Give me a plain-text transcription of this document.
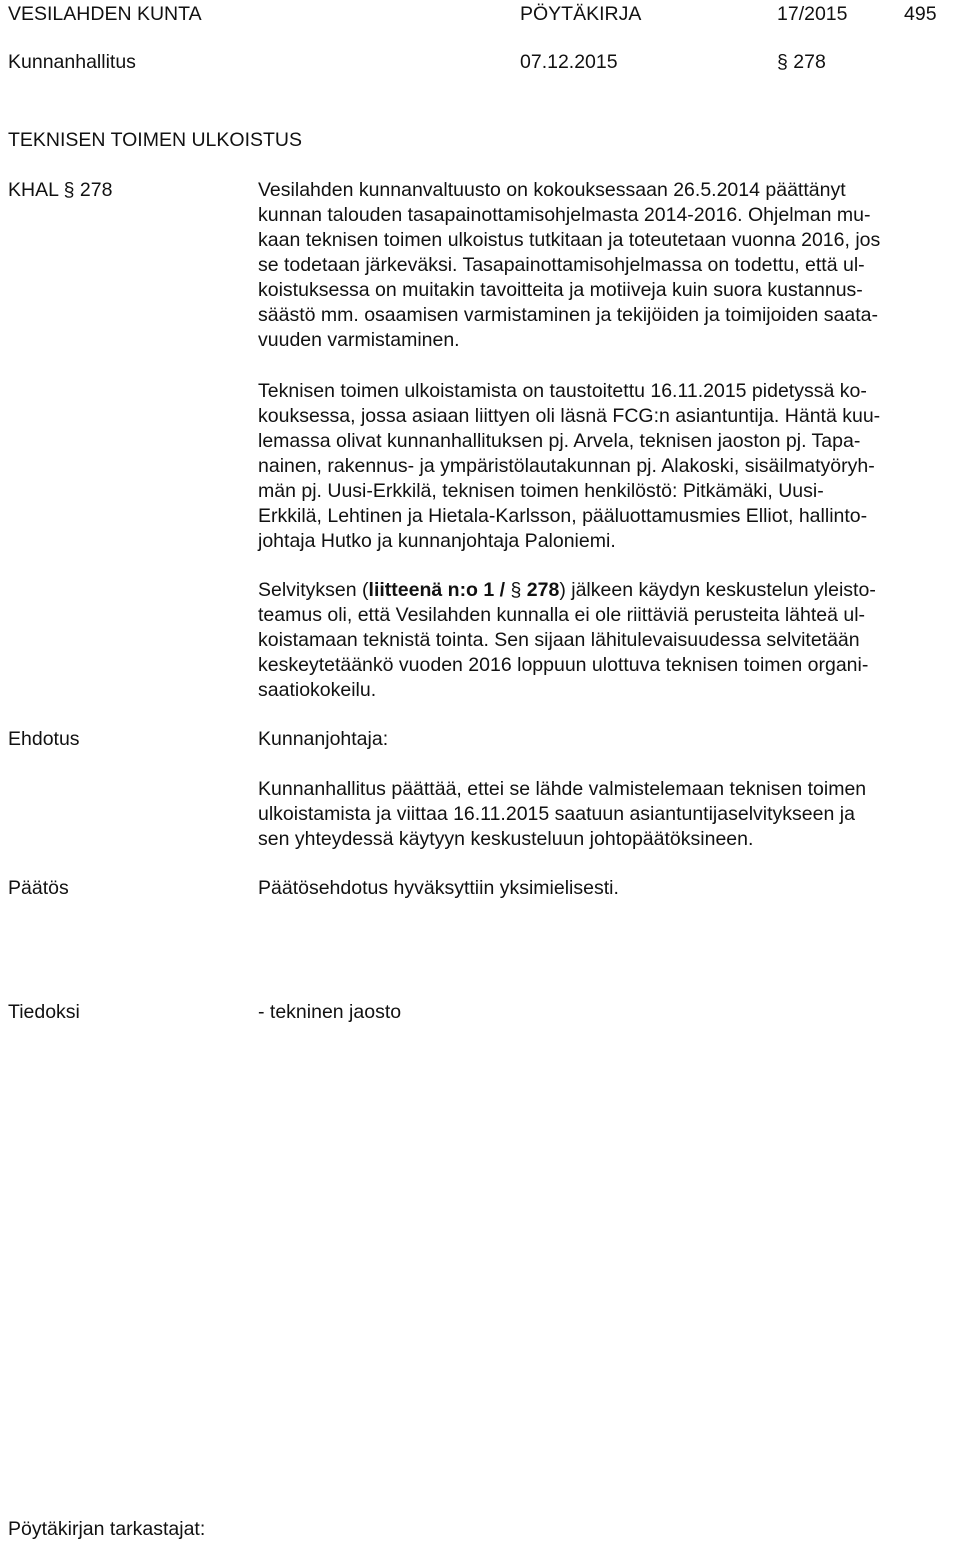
VESILAHDEN KUNTA	PÖYTÄKIRJA	17/2015	495
Kunnanhallitus	07.12.2015	§ 278
TEKNISEN TOIMEN ULKOISTUS
KHAL § 278	Vesilahden kunnanvaltuusto on kokouksessaan 26.5.2014 päättänyt
kunnan talouden tasapainottamisohjelmasta 2014-2016. Ohjelman mu-
kaan teknisen toimen ulkoistus tutkitaan ja toteutetaan vuonna 2016, jos
se todetaan järkeväksi. Tasapainottamisohjelmassa on todettu, että ul-
koistuksessa on muitakin tavoitteita ja motiiveja kuin suora kustannus-
säästö mm. osaamisen varmistaminen ja tekijöiden ja toimijoiden saata-
vuuden varmistaminen.
Teknisen toimen ulkoistamista on taustoitettu 16.11.2015 pidetyssä ko-
kouksessa, jossa asiaan liittyen oli läsnä FCG:n asiantuntija. Häntä kuu-
lemassa olivat kunnanhallituksen pj. Arvela, teknisen jaoston pj. Tapa-
nainen, rakennus- ja ympäristölautakunnan pj. Alakoski, sisäilmatyöryh-
män pj. Uusi-Erkkilä, teknisen toimen henkilöstö: Pitkämäki, Uusi-
Erkkilä, Lehtinen ja Hietala-Karlsson, pääluottamusmies Elliot, hallinto-
johtaja Hutko ja kunnanjohtaja Paloniemi.
Selvityksen (liitteenä n:o 1 / § 278) jälkeen käydyn keskustelun yleisto-
teamus oli, että Vesilahden kunnalla ei ole riittäviä perusteita lähteä ul-
koistamaan teknistä tointa. Sen sijaan lähitulevaisuudessa selvitetään
keskeytetäänkö vuoden 2016 loppuun ulottuva teknisen toimen organi-
saatiokokeilu.
Ehdotus	Kunnanjohtaja:
Kunnanhallitus päättää, ettei se lähde valmistelemaan teknisen toimen
ulkoistamista ja viittaa 16.11.2015 saatuun asiantuntijaselvitykseen ja
sen yhteydessä käytyyn keskusteluun johtopäätöksineen.
Päätös	Päätösehdotus hyväksyttiin yksimielisesti.
Tiedoksi	- tekninen jaosto
Pöytäkirjan tarkastajat:
